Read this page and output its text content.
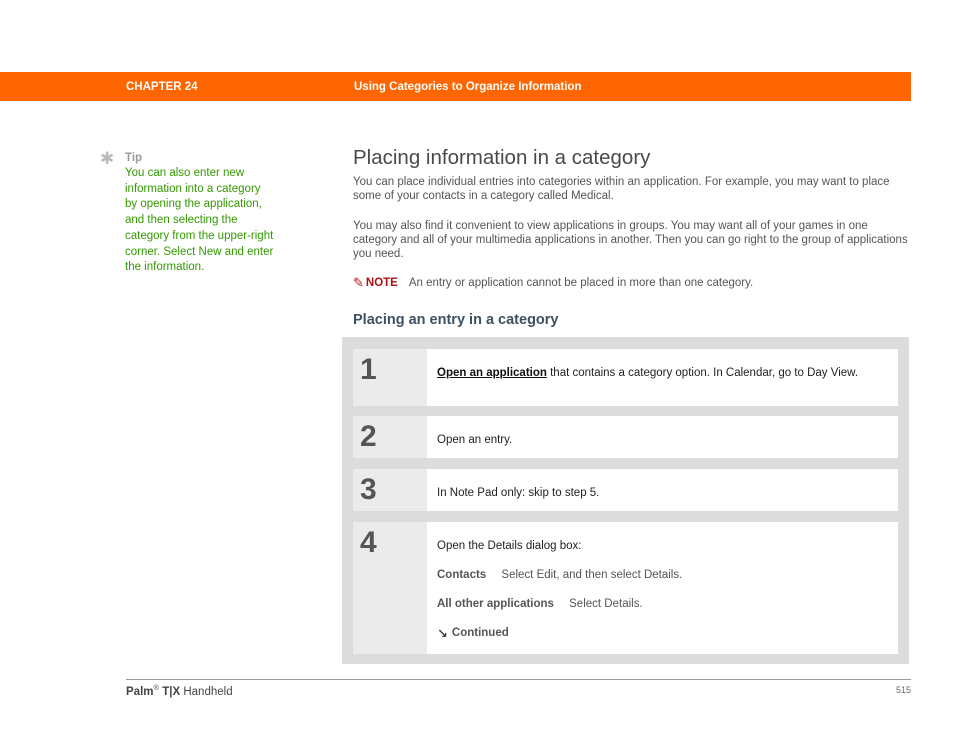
CHAPTER 24	Using Categories to Organize Information
✱ Tip
You can also enter new information into a category by opening the application, and then selecting the category from the upper-right corner. Select New and enter the information.
Placing information in a category

You can place individual entries into categories within an application. For example, you may want to place some of your contacts in a category called Medical.

You may also find it convenient to view applications in groups. You may want all of your games in one category and all of your multimedia applications in another. Then you can go right to the group of applications you need.

✎ NOTE An entry or application cannot be placed in more than one category.
Placing an entry in a category
1	Open an application that contains a category option. In Calendar, go to Day View.
2	Open an entry.
3	In Note Pad only: skip to step 5.
4	Open the Details dialog box:
Contacts Select Edit, and then select Details.
All other applications Select Details.
↘ Continued
Palm® T|X Handheld	515
